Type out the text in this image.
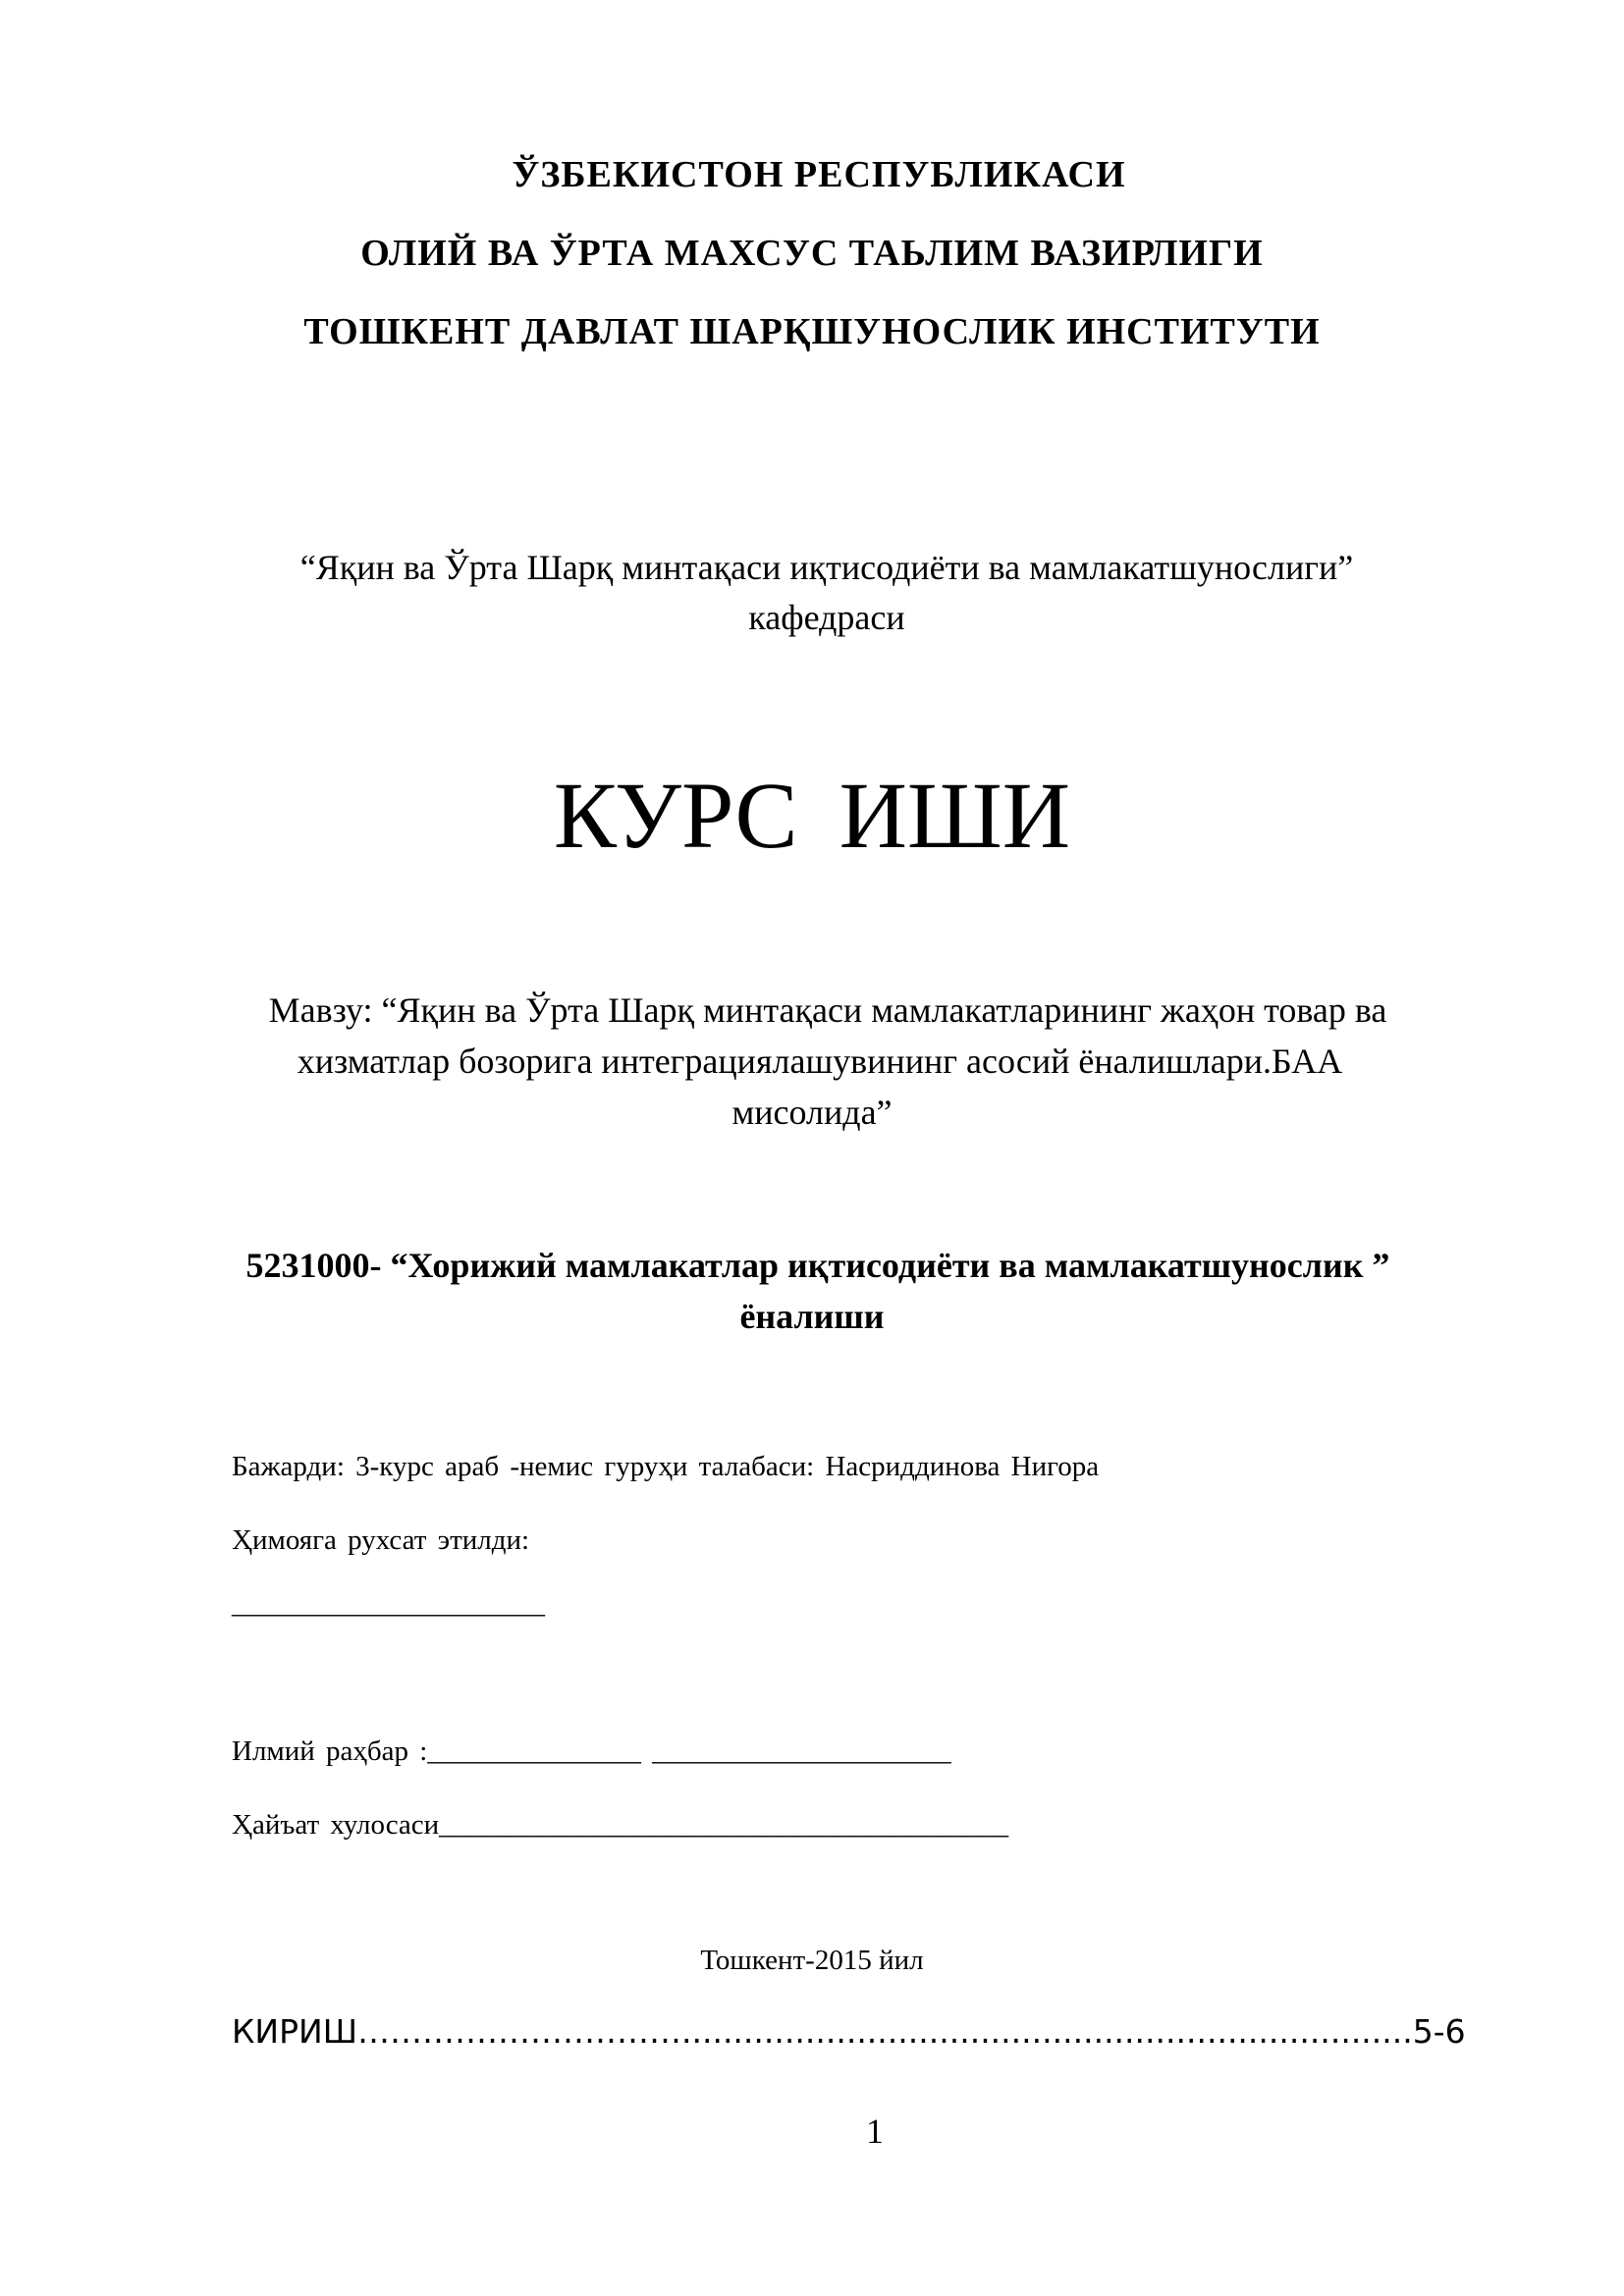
ЎЗБЕКИСТОН РЕСПУБЛИКАСИ
ОЛИЙ ВА ЎРТА МАХСУС ТАЬЛИМ ВАЗИРЛИГИ
ТОШКЕНТ ДАВЛАТ ШАРҚШУНОСЛИК ИНСТИТУТИ
“Яқин ва Ўрта Шарқ минтақаси иқтисодиёти ва мамлакатшунослиги”
кафедраси
КУРС ИШИ
Мавзу: “Яқин ва Ўрта Шарқ минтақаси мамлакатларининг жаҳон товар ва
хизматлар бозорига интеграциялашувининг асосий ёналишлари.БАА
мисолида”
5231000- “Хорижий мамлакатлар иқтисодиёти ва мамлакатшунослик ”
ёналиши
Бажарди: 3-курс араб -немис гуруҳи талабаси: Насриддинова Нигора
Ҳимояга рухсат этилди:
______________________
Илмий раҳбар :_______________ _____________________
Ҳайъат хулосаси________________________________________
Тошкент-2015 йил
КИРИШ………………………….......................................................................5-6
1
